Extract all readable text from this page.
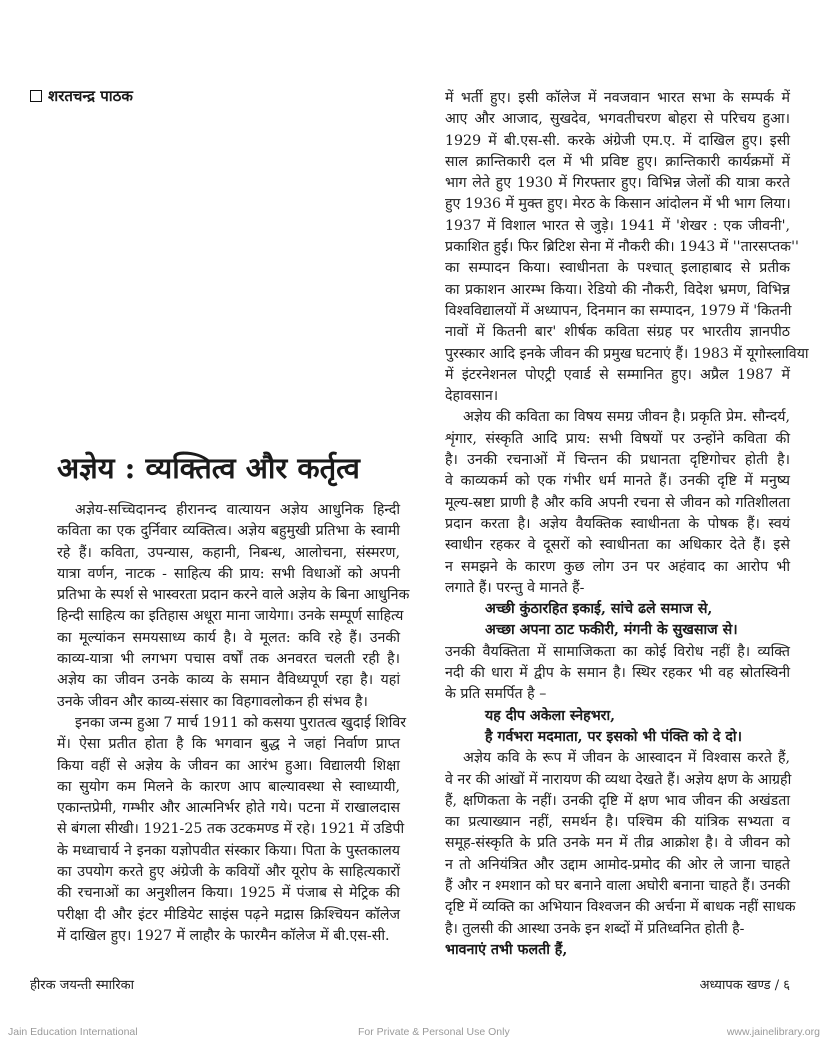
शरतचन्द्र पाठक
अज्ञेय : व्यक्तित्व और कर्तृत्व
अज्ञेय-सच्चिदानन्द हीरानन्द वात्यायन अज्ञेय आधुनिक हिन्दी
कविता का एक दुर्निवार व्यक्तित्व। अज्ञेय बहुमुखी प्रतिभा के स्वामी
रहे हैं। कविता, उपन्यास, कहानी, निबन्ध, आलोचना, संस्मरण,
यात्रा वर्णन, नाटक - साहित्य की प्राय: सभी विधाओं को अपनी
प्रतिभा के स्पर्श से भास्वरता प्रदान करने वाले अज्ञेय के बिना आधुनिक
हिन्दी साहित्य का इतिहास अधूरा माना जायेगा। उनके सम्पूर्ण साहित्य
का मूल्यांकन समयसाध्य कार्य है। वे मूलत: कवि रहे हैं। उनकी
काव्य-यात्रा भी लगभग पचास वर्षों तक अनवरत चलती रही है।
अज्ञेय का जीवन उनके काव्य के समान वैविध्यपूर्ण रहा है। यहां
उनके जीवन और काव्य-संसार का विहगावलोकन ही संभव है।
इनका जन्म हुआ 7 मार्च 1911 को कसया पुरातत्व खुदाई शिविर
में। ऐसा प्रतीत होता है कि भगवान बुद्ध ने जहां निर्वाण प्राप्त
किया वहीं से अज्ञेय के जीवन का आरंभ हुआ। विद्यालयी शिक्षा
का सुयोग कम मिलने के कारण आप बाल्यावस्था से स्वाध्यायी,
एकान्तप्रेमी, गम्भीर और आत्मनिर्भर होते गये। पटना में राखालदास
से बंगला सीखी। 1921-25 तक उटकमण्ड में रहे। 1921 में उडिपी
के मध्वाचार्य ने इनका यज्ञोपवीत संस्कार किया। पिता के पुस्तकालय
का उपयोग करते हुए अंग्रेजी के कवियों और यूरोप के साहित्यकारों
की रचनाओं का अनुशीलन किया। 1925 में पंजाब से मेट्रिक की
परीक्षा दी और इंटर मीडियेट साइंस पढ़ने मद्रास क्रिश्चियन कॉलेज
में दाखिल हुए। 1927 में लाहौर के फारमैन कॉलेज में बी.एस-सी.
में भर्ती हुए। इसी कॉलेज में नवजवान भारत सभा के सम्पर्क में
आए और आजाद, सुखदेव, भगवतीचरण बोहरा से परिचय हुआ।
1929 में बी.एस-सी. करके अंग्रेजी एम.ए. में दाखिल हुए। इसी
साल क्रान्तिकारी दल में भी प्रविष्ट हुए। क्रान्तिकारी कार्यक्रमों में
भाग लेते हुए 1930 में गिरफ्तार हुए। विभिन्न जेलों की यात्रा करते
हुए 1936 में मुक्त हुए। मेरठ के किसान आंदोलन में भी भाग लिया।
1937 में विशाल भारत से जुड़े। 1941 में 'शेखर : एक जीवनी',
प्रकाशित हुई। फिर ब्रिटिश सेना में नौकरी की। 1943 में ''तारसप्तक''
का सम्पादन किया। स्वाधीनता के पश्चात् इलाहाबाद से प्रतीक
का प्रकाशन आरम्भ किया। रेडियो की नौकरी, विदेश भ्रमण, विभिन्न
विश्वविद्यालयों में अध्यापन, दिनमान का सम्पादन, 1979 में 'कितनी
नावों में कितनी बार' शीर्षक कविता संग्रह पर भारतीय ज्ञानपीठ
पुरस्कार आदि इनके जीवन की प्रमुख घटनाएं हैं। 1983 में यूगोस्लाविया
में इंटरनेशनल पोएट्री एवार्ड से सम्मानित हुए। अप्रैल 1987 में
देहावसान।
अज्ञेय की कविता का विषय समग्र जीवन है। प्रकृति प्रेम. सौन्दर्य,
शृंगार, संस्कृति आदि प्राय: सभी विषयों पर उन्होंने कविता की
है। उनकी रचनाओं में चिन्तन की प्रधानता दृष्टिगोचर होती है।
वे काव्यकर्म को एक गंभीर धर्म मानते हैं। उनकी दृष्टि में मनुष्य
मूल्य-स्रष्टा प्राणी है और कवि अपनी रचना से जीवन को गतिशीलता
प्रदान करता है। अज्ञेय वैयक्तिक स्वाधीनता के पोषक हैं। स्वयं
स्वाधीन रहकर वे दूसरों को स्वाधीनता का अधिकार देते हैं। इसे
न समझने के कारण कुछ लोग उन पर अहंवाद का आरोप भी
लगाते हैं। परन्तु वे मानते हैं-
अच्छी कुंठारहित इकाई, सांचे ढले समाज से,
अच्छा अपना ठाट फकीरी, मंगनी के सुखसाज से।
उनकी वैयक्तिता में सामाजिकता का कोई विरोध नहीं है। व्यक्ति
नदी की धारा में द्वीप के समान है। स्थिर रहकर भी वह स्रोतस्विनी
के प्रति समर्पित है –
यह दीप अकेला स्नेहभरा,
है गर्वभरा मदमाता, पर इसको भी पंक्ति को दे दो।
अज्ञेय कवि के रूप में जीवन के आस्वादन में विश्वास करते हैं,
वे नर की आंखों में नारायण की व्यथा देखते हैं। अज्ञेय क्षण के आग्रही
हैं, क्षणिकता के नहीं। उनकी दृष्टि में क्षण भाव जीवन की अखंडता
का प्रत्याख्यान नहीं, समर्थन है। पश्चिम की यांत्रिक सभ्यता व
समूह-संस्कृति के प्रति उनके मन में तीव्र आक्रोश है। वे जीवन को
न तो अनियंत्रित और उद्दाम आमोद-प्रमोद की ओर ले जाना चाहते
हैं और न श्मशान को घर बनाने वाला अघोरी बनाना चाहते हैं। उनकी
दृष्टि में व्यक्ति का अभियान विश्वजन की अर्चना में बाधक नहीं साधक
है। तुलसी की आस्था उनके इन शब्दों में प्रतिध्वनित होती है-
भावनाएं तभी फलती हैं,
हीरक जयन्ती स्मारिका	अध्यापक खण्ड / ६
Jain Education International	For Private & Personal Use Only	www.jainelibrary.org
